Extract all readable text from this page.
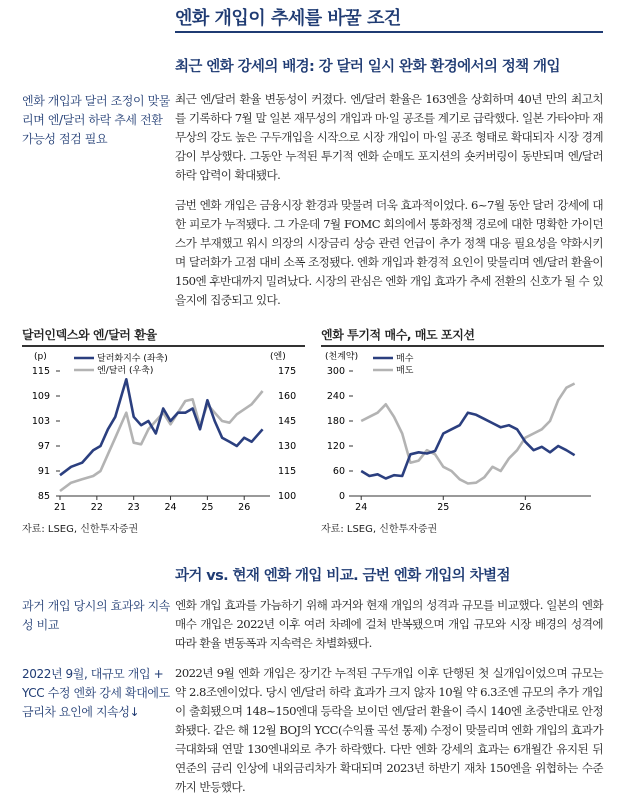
엔화 개입이 추세를 바꿀 조건
최근 엔화 강세의 배경: 강 달러 일시 완화 환경에서의 정책 개입
엔화 개입과 달러 조정이 맞물리며 엔/달러 하락 추세 전환 가능성 점검 필요
최근 엔/달러 환율 변동성이 커졌다. 엔/달러 환율은 163엔을 상회하며 40년 만의 최고치를 기록하다 7월 말 일본 재무성의 개입과 마·일 공조를 계기로 급락했다. 일본 가타야마 재무상의 강도 높은 구두개입을 시작으로 시장 개입이 마·일 공조 형태로 확대되자 시장 경계감이 부상했다. 그동안 누적된 투기적 엔화 순매도 포지션의 숏커버링이 동반되며 엔/달러 하락 압력이 확대됐다.
금번 엔화 개입은 금융시장 환경과 맞물려 더욱 효과적이었다. 6~7월 동안 달러 강세에 대한 피로가 누적됐다. 그 가운데 7월 FOMC 회의에서 통화정책 경로에 대한 명확한 가이던스가 부재했고 워시 의장의 시장금리 상승 관련 언급이 추가 정책 대응 필요성을 약화시키며 달러화가 고점 대비 소폭 조정됐다. 엔화 개입과 환경적 요인이 맞물리며 엔/달러 환율이 150엔 후반대까지 밀려났다. 시장의 관심은 엔화 개입 효과가 추세 전환의 신호가 될 수 있을지에 집중되고 있다.
달러인덱스와 엔/달러 환율	엔화 투기적 매수, 매도 포지션
(p)	(엔)
달러화지수 (좌축)
엔/달러 (우축)
115
109
103
97
91
85
175
160
145
130
115
100
21	22	23	24	25	26
자료: LSEG, 신한투자증권
(천계약)	매수
매도
300
240
180
120
60
0
24	25	26
자료: LSEG, 신한투자증권
과거 vs. 현재 엔화 개입 비교. 금번 엔화 개입의 차별점
과거 개입 당시의 효과와 지속성 비교
엔화 개입 효과를 가늠하기 위해 과거와 현재 개입의 성격과 규모를 비교했다. 일본의 엔화 매수 개입은 2022년 이후 여러 차례에 걸쳐 반복됐으며 개입 규모와 시장 배경의 성격에 따라 환율 변동폭과 지속력은 차별화됐다.
2022년 9월, 대규모 개입 + YCC 수정 엔화 강세 확대에도 금리차 요인에 지속성↓
2022년 9월 엔화 개입은 장기간 누적된 구두개입 이후 단행된 첫 실개입이었으며 규모는 약 2.8조엔이었다. 당시 엔/달러 하락 효과가 크지 않자 10월 약 6.3조엔 규모의 추가 개입이 출회됐으며 148~150엔대 등락을 보이던 엔/달러 환율이 즉시 140엔 초중반대로 안정화됐다. 같은 해 12월 BOJ의 YCC(수익률 곡선 통제) 수정이 맞물리며 엔화 개입의 효과가 극대화돼 연말 130엔내외로 추가 하락했다. 다만 엔화 강세의 효과는 6개월간 유지된 뒤 연준의 금리 인상에 내외금리차가 확대되며 2023년 하반기 재차 150엔을 위협하는 수준까지 반등했다.
